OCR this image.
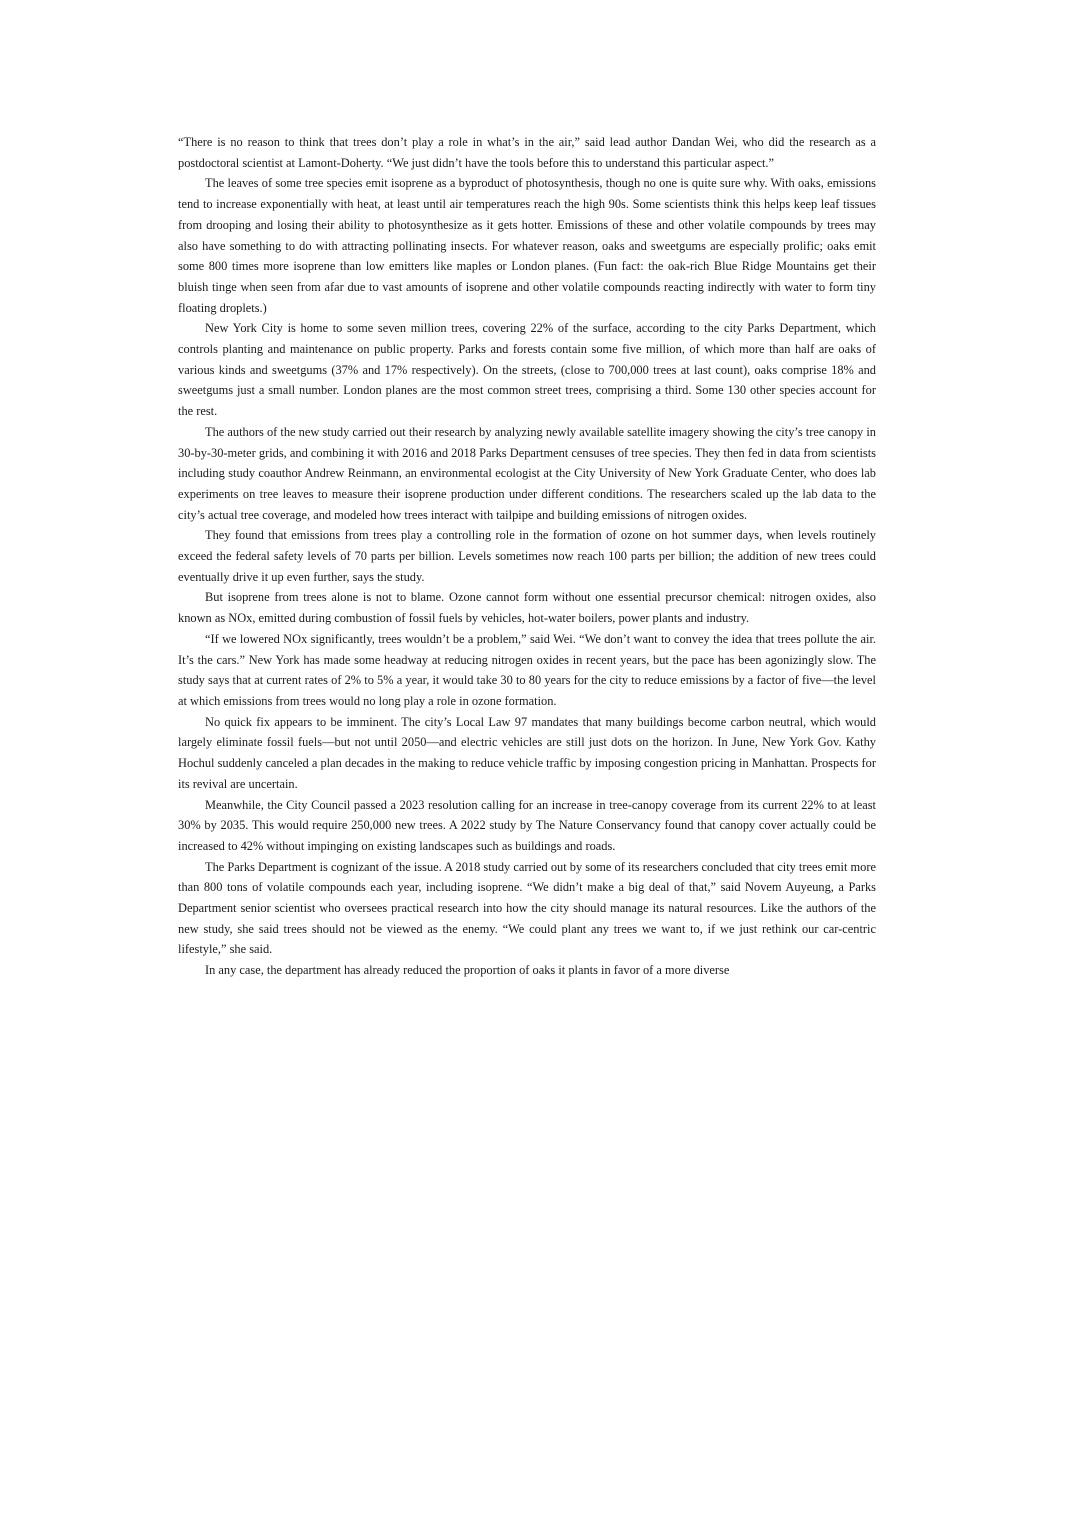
“There is no reason to think that trees don’t play a role in what’s in the air,” said lead author Dandan Wei, who did the research as a postdoctoral scientist at Lamont-Doherty. “We just didn’t have the tools before this to understand this particular aspect.”

The leaves of some tree species emit isoprene as a byproduct of photosynthesis, though no one is quite sure why. With oaks, emissions tend to increase exponentially with heat, at least until air temperatures reach the high 90s. Some scientists think this helps keep leaf tissues from drooping and losing their ability to photosynthesize as it gets hotter. Emissions of these and other volatile compounds by trees may also have something to do with attracting pollinating insects. For whatever reason, oaks and sweetgums are especially prolific; oaks emit some 800 times more isoprene than low emitters like maples or London planes. (Fun fact: the oak-rich Blue Ridge Mountains get their bluish tinge when seen from afar due to vast amounts of isoprene and other volatile compounds reacting indirectly with water to form tiny floating droplets.)

New York City is home to some seven million trees, covering 22% of the surface, according to the city Parks Department, which controls planting and maintenance on public property. Parks and forests contain some five million, of which more than half are oaks of various kinds and sweetgums (37% and 17% respectively). On the streets, (close to 700,000 trees at last count), oaks comprise 18% and sweetgums just a small number. London planes are the most common street trees, comprising a third. Some 130 other species account for the rest.

The authors of the new study carried out their research by analyzing newly available satellite imagery showing the city’s tree canopy in 30-by-30-meter grids, and combining it with 2016 and 2018 Parks Department censuses of tree species. They then fed in data from scientists including study coauthor Andrew Reinmann, an environmental ecologist at the City University of New York Graduate Center, who does lab experiments on tree leaves to measure their isoprene production under different conditions. The researchers scaled up the lab data to the city’s actual tree coverage, and modeled how trees interact with tailpipe and building emissions of nitrogen oxides.

They found that emissions from trees play a controlling role in the formation of ozone on hot summer days, when levels routinely exceed the federal safety levels of 70 parts per billion. Levels sometimes now reach 100 parts per billion; the addition of new trees could eventually drive it up even further, says the study.

But isoprene from trees alone is not to blame. Ozone cannot form without one essential precursor chemical: nitrogen oxides, also known as NOx, emitted during combustion of fossil fuels by vehicles, hot-water boilers, power plants and industry.

“If we lowered NOx significantly, trees wouldn’t be a problem,” said Wei. “We don’t want to convey the idea that trees pollute the air. It’s the cars.” New York has made some headway at reducing nitrogen oxides in recent years, but the pace has been agonizingly slow. The study says that at current rates of 2% to 5% a year, it would take 30 to 80 years for the city to reduce emissions by a factor of five—the level at which emissions from trees would no long play a role in ozone formation.

No quick fix appears to be imminent. The city’s Local Law 97 mandates that many buildings become carbon neutral, which would largely eliminate fossil fuels—but not until 2050—and electric vehicles are still just dots on the horizon. In June, New York Gov. Kathy Hochul suddenly canceled a plan decades in the making to reduce vehicle traffic by imposing congestion pricing in Manhattan. Prospects for its revival are uncertain.

Meanwhile, the City Council passed a 2023 resolution calling for an increase in tree-canopy coverage from its current 22% to at least 30% by 2035. This would require 250,000 new trees. A 2022 study by The Nature Conservancy found that canopy cover actually could be increased to 42% without impinging on existing landscapes such as buildings and roads.

The Parks Department is cognizant of the issue. A 2018 study carried out by some of its researchers concluded that city trees emit more than 800 tons of volatile compounds each year, including isoprene. “We didn’t make a big deal of that,” said Novem Auyeung, a Parks Department senior scientist who oversees practical research into how the city should manage its natural resources. Like the authors of the new study, she said trees should not be viewed as the enemy. “We could plant any trees we want to, if we just rethink our car-centric lifestyle,” she said.

In any case, the department has already reduced the proportion of oaks it plants in favor of a more diverse
